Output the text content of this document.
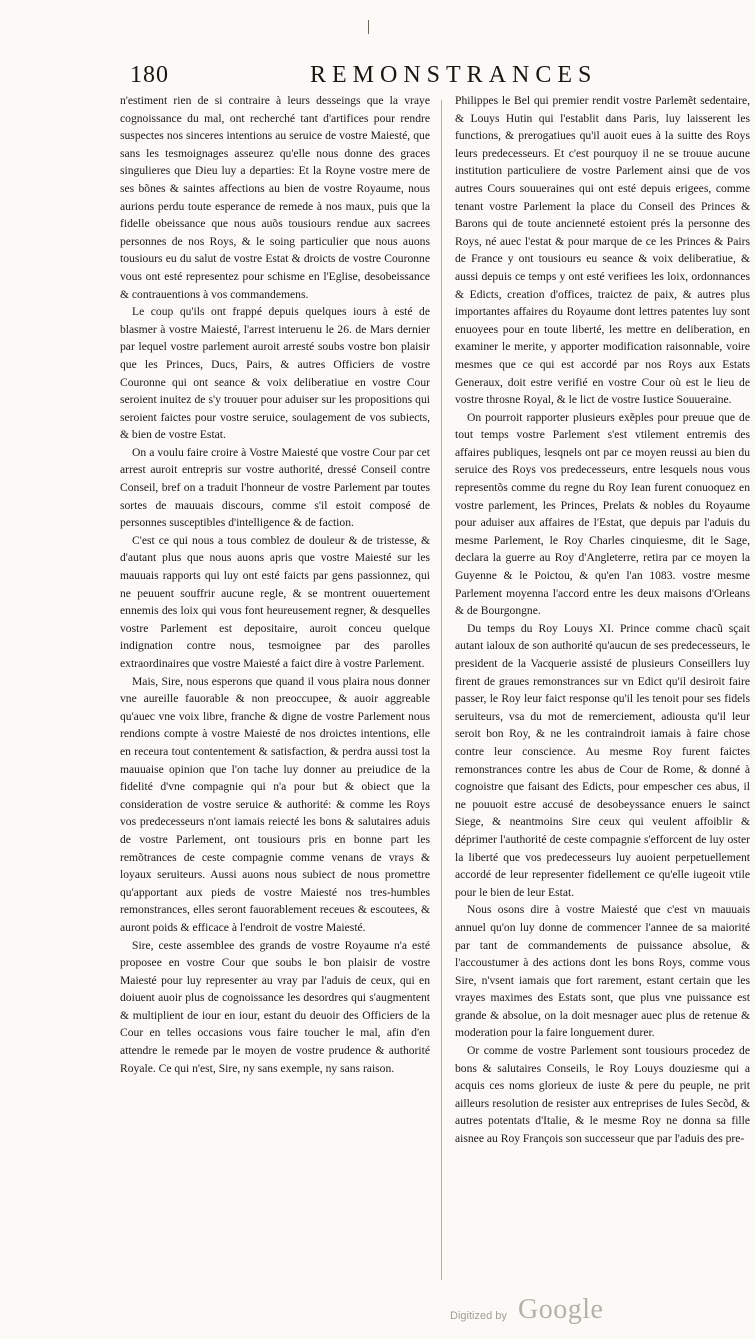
180	REMONSTRANCES

n'estiment rien de si contraire à leurs desseings que la vraye cognoissance du mal, ont recherché tant d'artifices pour rendre suspectes nos sinceres intentions au seruice de vostre Maiesté, que sans les tesmoignages asseurez qu'elle nous donne des graces singulieres que Dieu luy a departies: Et la Royne vostre mere de ses bõnes & saintes affections au bien de vostre Royaume, nous aurions perdu toute esperance de remede à nos maux, puis que la fidelle obeissance que nous auõs tousiours rendue aux sacrees personnes de nos Roys, & le soing particulier que nous auons tousiours eu du salut de vostre Estat & droicts de vostre Couronne vous ont esté representez pour schisme en l'Eglise, desobeissance & contrauentions à vos commandemens.

Le coup qu'ils ont frappé depuis quelques iours à esté de blasmer à vostre Maiesté, l'arrest interuenu le 26. de Mars dernier par lequel vostre parlement auroit arresté soubs vostre bon plaisir que les Princes, Ducs, Pairs, & autres Officiers de vostre Couronne qui ont seance & voix deliberatiue en vostre Cour seroient inuitez de s'y trouuer pour aduiser sur les propositions qui seroient faictes pour vostre seruice, soulagement de vos subiects, & bien de vostre Estat.

On a voulu faire croire à Vostre Maiesté que vostre Cour par cet arrest auroit entrepris sur vostre authorité, dressé Conseil contre Conseil, bref on a traduit l'honneur de vostre Parlement par toutes sortes de mauuais discours, comme s'il estoit composé de personnes susceptibles d'intelligence & de faction.

C'est ce qui nous a tous comblez de douleur & de tristesse, & d'autant plus que nous auons apris que vostre Maiesté sur les mauuais rapports qui luy ont esté faicts par gens passionnez, qui ne peuuent souffrir aucune regle, & se montrent ouuertement ennemis des loix qui vous font heureusement regner, & desquelles vostre Parlement est depositaire, auroit conceu quelque indignation contre nous, tesmoignee par des parolles extraordinaires que vostre Maiesté a faict dire à vostre Parlement.

Mais, Sire, nous esperons que quand il vous plaira nous donner vne aureille fauorable & non preoccupee, & auoir aggreable qu'auec vne voix libre, franche & digne de vostre Parlement nous rendions compte à vostre Maiesté de nos droictes intentions, elle en receura tout contentement & satisfaction, & perdra aussi tost la mauuaise opinion que l'on tache luy donner au preiudice de la fidelité d'vne compagnie qui n'a pour but & obiect que la consideration de vostre seruice & authorité: & comme les Roys vos predecesseurs n'ont iamais reiecté les bons & salutaires aduis de vostre Parlement, ont tousiours pris en bonne part les remõtrances de ceste compagnie comme venans de vrays & loyaux seruiteurs. Aussi auons nous subiect de nous promettre qu'apportant aux pieds de vostre Maiesté nos tres-humbles remonstrances, elles seront fauorablement receues & escoutees, & auront poids & efficace à l'endroit de vostre Maiesté.

Sire, ceste assemblee des grands de vostre Royaume n'a esté proposee en vostre Cour que soubs le bon plaisir de vostre Maiesté pour luy representer au vray par l'aduis de ceux, qui en doiuent auoir plus de cognoissance les desordres qui s'augmentent & multiplient de iour en iour, estant du deuoir des Officiers de la Cour en telles occasions vous faire toucher le mal, afin d'en attendre le remede par le moyen de vostre prudence & authorité Royale. Ce qui n'est, Sire, ny sans exemple, ny sans raison.

Philippes le Bel qui premier rendit vostre Parlemẽt sedentaire, & Louys Hutin qui l'establit dans Paris, luy laisserent les functions, & prerogatiues qu'il auoit eues à la suitte des Roys leurs predecesseurs. Et c'est pourquoy il ne se trouue aucune institution particuliere de vostre Parlement ainsi que de vos autres Cours souueraines qui ont esté depuis erigees, comme tenant vostre Parlement la place du Conseil des Princes & Barons qui de toute ancienneté estoient prés la personne des Roys, né auec l'estat & pour marque de ce les Princes & Pairs de France y ont tousiours eu seance & voix deliberatiue, & aussi depuis ce temps y ont esté verifiees les loix, ordonnances & Edicts, creation d'offices, traictez de paix, & autres plus importantes affaires du Royaume dont lettres patentes luy sont enuoyees pour en toute liberté, les mettre en deliberation, en examiner le merite, y apporter modification raisonnable, voire mesmes que ce qui est accordé par nos Roys aux Estats Generaux, doit estre verifié en vostre Cour où est le lieu de vostre throsne Royal, & le lict de vostre Iustice Souueraine.

On pourroit rapporter plusieurs exẽples pour preuue que de tout temps vostre Parlement s'est vtilement entremis des affaires publiques, lesqnels ont par ce moyen reussi au bien du seruice des Roys vos predecesseurs, entre lesquels nous vous representõs comme du regne du Roy Iean furent conuoquez en vostre parlement, les Princes, Prelats & nobles du Royaume pour aduiser aux affaires de l'Estat, que depuis par l'aduis du mesme Parlement, le Roy Charles cinquiesme, dit le Sage, declara la guerre au Roy d'Angleterre, retira par ce moyen la Guyenne & le Poictou, & qu'en l'an 1083. vostre mesme Parlement moyenna l'accord entre les deux maisons d'Orleans & de Bourgongne.

Du temps du Roy Louys XI. Prince comme chacũ sçait autant ialoux de son authorité qu'aucun de ses predecesseurs, le president de la Vacquerie assisté de plusieurs Conseillers luy firent de graues remonstrances sur vn Edict qu'il desiroit faire passer, le Roy leur faict response qu'il les tenoit pour ses fidels seruiteurs, vsa du mot de remerciement, adiousta qu'il leur seroit bon Roy, & ne les contraindroit iamais à faire chose contre leur conscience. Au mesme Roy furent faictes remonstrances contre les abus de Cour de Rome, & donné à cognoistre que faisant des Edicts, pour empescher ces abus, il ne pouuoit estre accusé de desobeyssance enuers le sainct Siege, & neantmoins Sire ceux qui veulent affoiblir & déprimer l'authorité de ceste compagnie s'efforcent de luy oster la liberté que vos predecesseurs luy auoient perpetuellement accordé de leur representer fidellement ce qu'elle iugeoit vtile pour le bien de leur Estat.

Nous osons dire à vostre Maiesté que c'est vn mauuais annuel qu'on luy donne de commencer l'annee de sa maiorité par tant de commandements de puissance absolue, & l'accoustumer à des actions dont les bons Roys, comme vous Sire, n'vsent iamais que fort rarement, estant certain que les vrayes maximes des Estats sont, que plus vne puissance est grande & absolue, on la doit mesnager auec plus de retenue & moderation pour la faire longuement durer.

Or comme de vostre Parlement sont tousiours procedez de bons & salutaires Conseils, le Roy Louys douziesme qui a acquis ces noms glorieux de iuste & pere du peuple, ne prit ailleurs resolution de resister aux entreprises de Iules Secõd, & autres potentats d'Italie, & le mesme Roy ne donna sa fille aisnee au Roy François son successeur que par l'aduis des pre-

Digitized by Google
